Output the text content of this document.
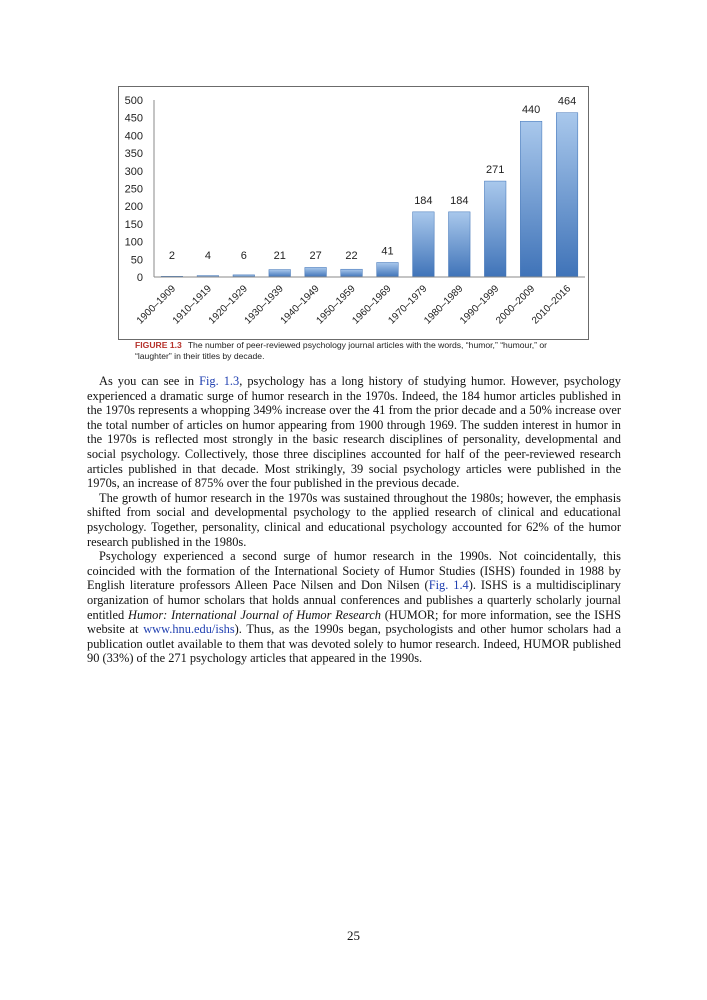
0
50
100
150
200
250
300
350
400
450
500
2	4	6 21 27 22 41
184 184
271
440
464
1900–1909
1910–1919
1920–1929
1930–1939
1940–1949
1950–1959
1960–1969
1970–1979
1980–1989
1990–1999
2000–2009
2010–2016
FIGURE 1.3 The number of peer-reviewed psychology journal articles with the words, “humor,” “humour,” or “laughter” in their titles by decade.

As you can see in Fig. 1.3, psychology has a long history of studying humor. However, psychology experienced a dramatic surge of humor research in the 1970s. Indeed, the 184 humor articles published in the 1970s represents a whopping 349% increase over the 41 from the prior decade and a 50% increase over the total number of articles on humor appearing from 1900 through 1969. The sudden interest in humor in the 1970s is reflected most strongly in the basic research disciplines of personality, developmental and social psychology. Collectively, those three disciplines accounted for half of the peer-reviewed research articles published in that decade. Most strikingly, 39 social psychology articles were published in the 1970s, an increase of 875% over the four published in the previous decade.

The growth of humor research in the 1970s was sustained throughout the 1980s; however, the emphasis shifted from social and developmental psychology to the applied research of clinical and educational psychology. Together, personality, clinical and educational psychology accounted for 62% of the humor research published in the 1980s.

Psychology experienced a second surge of humor research in the 1990s. Not coincidentally, this coincided with the formation of the International Society of Humor Studies (ISHS) founded in 1988 by English literature professors Alleen Pace Nilsen and Don Nilsen (Fig. 1.4). ISHS is a multidisciplinary organization of humor scholars that holds annual conferences and publishes a quarterly scholarly journal entitled Humor: International Journal of Humor Research (HUMOR; for more information, see the ISHS website at www.hnu.edu/ishs). Thus, as the 1990s began, psychologists and other humor scholars had a publication outlet available to them that was devoted solely to humor research. Indeed, HUMOR published 90 (33%) of the 271 psychology articles that appeared in the 1990s.

25
